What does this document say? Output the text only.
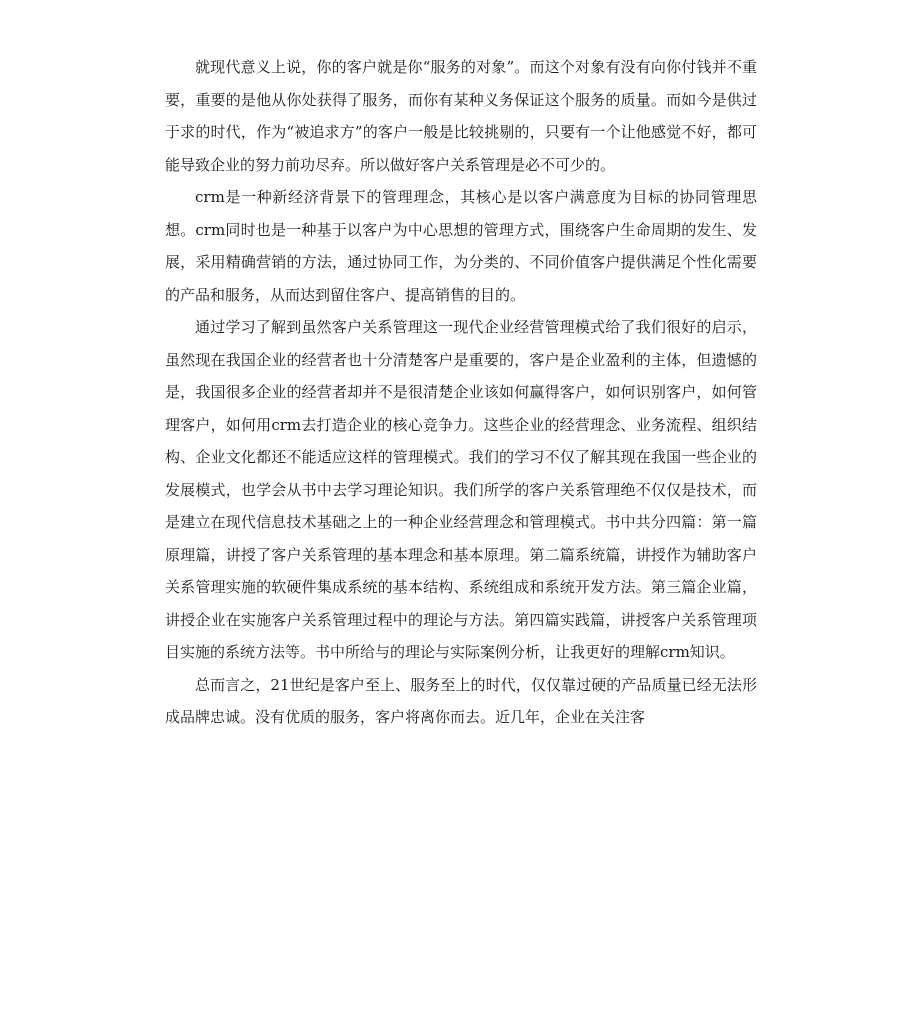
就现代意义上说，你的客户就是你“服务的对象”。而这个对象有没有向你付钱并不重要，重要的是他从你处获得了服务，而你有某种义务保证这个服务的质量。而如今是供过于求的时代，作为“被追求方”的客户一般是比较挑剔的，只要有一个让他感觉不好，都可能导致企业的努力前功尽弃。所以做好客户关系管理是必不可少的。

crm是一种新经济背景下的管理理念，其核心是以客户满意度为目标的协同管理思想。crm同时也是一种基于以客户为中心思想的管理方式，围绕客户生命周期的发生、发展，采用精确营销的方法，通过协同工作，为分类的、不同价值客户提供满足个性化需要的产品和服务，从而达到留住客户、提高销售的目的。

通过学习了解到虽然客户关系管理这一现代企业经营管理模式给了我们很好的启示，虽然现在我国企业的经营者也十分清楚客户是重要的，客户是企业盈利的主体，但遗憾的是，我国很多企业的经营者却并不是很清楚企业该如何赢得客户，如何识别客户，如何管理客户，如何用crm去打造企业的核心竞争力。这些企业的经营理念、业务流程、组织结构、企业文化都还不能适应这样的管理模式。我们的学习不仅了解其现在我国一些企业的发展模式，也学会从书中去学习理论知识。我们所学的客户关系管理绝不仅仅是技术，而是建立在现代信息技术基础之上的一种企业经营理念和管理模式。书中共分四篇：第一篇原理篇，讲授了客户关系管理的基本理念和基本原理。第二篇系统篇，讲授作为辅助客户关系管理实施的软硬件集成系统的基本结构、系统组成和系统开发方法。第三篇企业篇，讲授企业在实施客户关系管理过程中的理论与方法。第四篇实践篇，讲授客户关系管理项目实施的系统方法等。书中所给与的理论与实际案例分析，让我更好的理解crm知识。

总而言之，21世纪是客户至上、服务至上的时代，仅仅靠过硬的产品质量已经无法形成品牌忠诚。没有优质的服务，客户将离你而去。近几年，企业在关注客
